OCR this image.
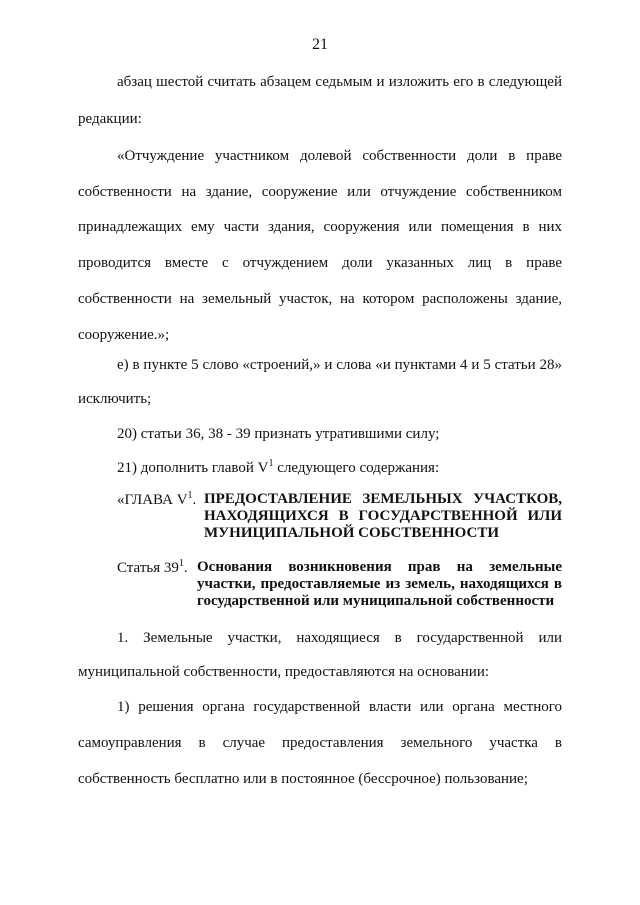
21
абзац шестой считать абзацем седьмым и изложить его в следующей
редакции:
«Отчуждение участником долевой собственности доли в праве
собственности на здание, сооружение или отчуждение собственником
принадлежащих ему части здания, сооружения или помещения в них
проводится вместе с отчуждением доли указанных лиц в праве
собственности на земельный участок, на котором расположены здание,
сооружение.»;
е) в пункте 5 слово «строений,» и слова «и пунктами 4 и 5 статьи 28»
исключить;
20) статьи 36, 38 - 39 признать утратившими силу;
21) дополнить главой $V^1$ следующего содержания:
«ГЛАВА $V^1$. ПРЕДОСТАВЛЕНИЕ ЗЕМЕЛЬНЫХ УЧАСТКОВ,
НАХОДЯЩИХСЯ В ГОСУДАРСТВЕННОЙ ИЛИ
МУНИЦИПАЛЬНОЙ СОБСТВЕННОСТИ
Статья $39^1$. Основания возникновения прав на земельные
участки, предоставляемые из земель, находящихся в
государственной или муниципальной собственности
1. Земельные участки, находящиеся в государственной или
муниципальной собственности, предоставляются на основании:
1) решения органа государственной власти или органа местного
самоуправления в случае предоставления земельного участка в
собственность бесплатно или в постоянное (бессрочное) пользование;
